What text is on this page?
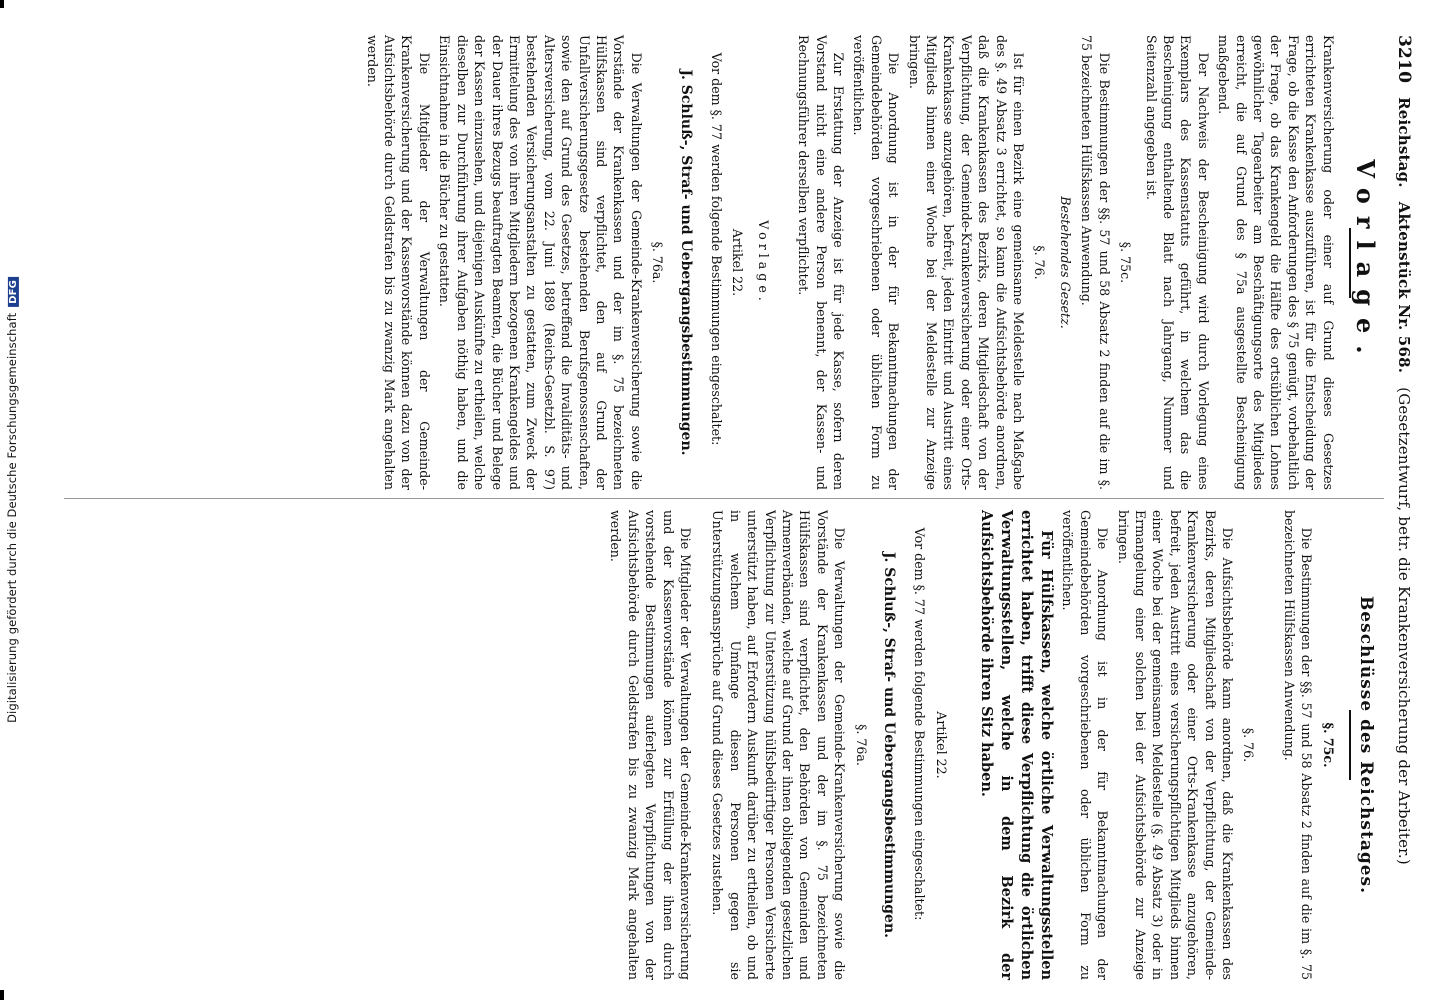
Digitalisierung gefördert durch die Deutsche ForschungsgemeinschaftDFG
3210
Reichstag.
Aktenstück Nr. 568.
(Gesetzentwurf, betr. die Krankenversicherung der Arbeiter.)
Vorlage.

Krankenversicherung oder einer auf Grund dieses Gesetzes errichteten Krankenkasse auszuführen, ist für die Entscheidung der Frage, ob die Kasse den Anforderungen des § 75 genügt, vorbehaltlich der Frage, ob das Krankengeld die Hälfte des ortsüblichen Lohnes gewöhnlicher Tagearbeiter am Beschäftigungsorte des Mitgliedes erreicht, die auf Grund des § 75a ausgestellte Bescheinigung maßgebend.

Der Nachweis der Bescheinigung wird durch Vorlegung eines Exemplars des Kassenstatuts geführt, in welchem das die Bescheinigung enthaltende Blatt nach Jahrgang, Nummer und Seitenzahl angegeben ist.

§. 75c.

Die Bestimmungen der §§. 57 und 58 Absatz 2 finden auf die im §. 75 bezeichneten Hülfskassen Anwendung.

Bestehendes Gesetz.
§. 76.

Ist für einen Bezirk eine gemeinsame Meldestelle nach Maßgabe des §. 49 Absatz 3 errichtet, so kann die Aufsichtsbehörde anordnen, daß die Krankenkassen des Bezirks, deren Mitgliedschaft von der Verpflichtung, der Gemeinde-Krankenversicherung oder einer Orts-Krankenkasse anzugehören, befreit, jeden Eintritt und Austritt eines Mitglieds binnen einer Woche bei der Meldestelle zur Anzeige bringen.

Die Anordnung ist in der für Bekanntmachungen der Gemeindebehörden vorgeschriebenen oder üblichen Form zu veröffentlichen.

Zur Erstattung der Anzeige ist für jede Kasse, sofern deren Vorstand nicht eine andere Person benennt, der Kassen- und Rechnungsführer derselben verpflichtet.

Vorlage.
Artikel 22.

Vor dem §. 77 werden folgende Bestimmungen eingeschaltet:

J. Schluß-, Straf- und Uebergangsbestimmungen.
§. 76a.

Die Verwaltungen der Gemeinde-Krankenversicherung sowie die Vorstände der Krankenkassen und der im §. 75 bezeichneten Hülfskassen sind verpflichtet, den auf Grund der Unfallversicherungsgesetze bestehenden Berufsgenossenschaften, sowie den auf Grund des Gesetzes, betreffend die Invaliditäts- und Altersversicherung, vom 22. Juni 1889 (Reichs-Gesetzbl. S. 97) bestehenden Versicherungsanstalten zu gestatten, zum Zweck der Ermittelung des von ihren Mitgliedern bezogenen Krankengeldes und der Dauer ihres Bezugs beauftragten Beamten, die Bücher und Belege der Kassen einzusehen, und diejenigen Auskünfte zu ertheilen, welche dieselben zur Durchführung ihrer Aufgaben nöthig haben, und die Einsichtnahme in die Bücher zu gestatten.

Die Mitglieder der Verwaltungen der Gemeinde-Krankenversicherung und der Kassenvorstände können dazu von der Aufsichtsbehörde durch Geldstrafen bis zu zwanzig Mark angehalten werden.

Beschlüsse des Reichstages.
§. 75c.

Die Bestimmungen der §§. 57 und 58 Absatz 2 finden auf die im §. 75 bezeichneten Hülfskassen Anwendung.

§. 76.

Die Aufsichtsbehörde kann anordnen, daß die Krankenkassen des Bezirks, deren Mitgliedschaft von der Verpflichtung, der Gemeinde-Krankenversicherung oder einer Orts-Krankenkasse anzugehören, befreit, jeden Austritt eines versicherungspflichtigen Mitglieds binnen einer Woche bei der gemeinsamen Meldestelle (§. 49 Absatz 3) oder in Ermangelung einer solchen bei der Aufsichtsbehörde zur Anzeige bringen.

Die Anordnung ist in der für Bekanntmachungen der Gemeindebehörden vorgeschriebenen oder üblichen Form zu veröffentlichen.

Für Hülfskassen, welche örtliche Verwaltungsstellen errichtet haben, trifft diese Verpflichtung die örtlichen Verwaltungsstellen, welche in dem Bezirk der Aufsichtsbehörde ihren Sitz haben.

Artikel 22.

Vor dem §. 77 werden folgende Bestimmungen eingeschaltet:

J. Schluß-, Straf- und Uebergangsbestimmungen.
§. 76a.

Die Verwaltungen der Gemeinde-Krankenversicherung sowie die Vorstände der Krankenkassen und der im §. 75 bezeichneten Hülfskassen sind verpflichtet, den Behörden von Gemeinden und Armenverbänden, welche auf Grund der ihnen obliegenden gesetzlichen Verpflichtung zur Unterstützung hülfsbedürftiger Personen Versicherte unterstützt haben, auf Erfordern Auskunft darüber zu ertheilen, ob und in welchem Umfange diesen Personen gegen sie Unterstützungsansprüche auf Grund dieses Gesetzes zustehen.

Die Mitglieder der Verwaltungen der Gemeinde-Krankenversicherung und der Kassenvorstände können zur Erfüllung der ihnen durch vorstehende Bestimmungen auferlegten Verpflichtungen von der Aufsichtsbehörde durch Geldstrafen bis zu zwanzig Mark angehalten werden.
